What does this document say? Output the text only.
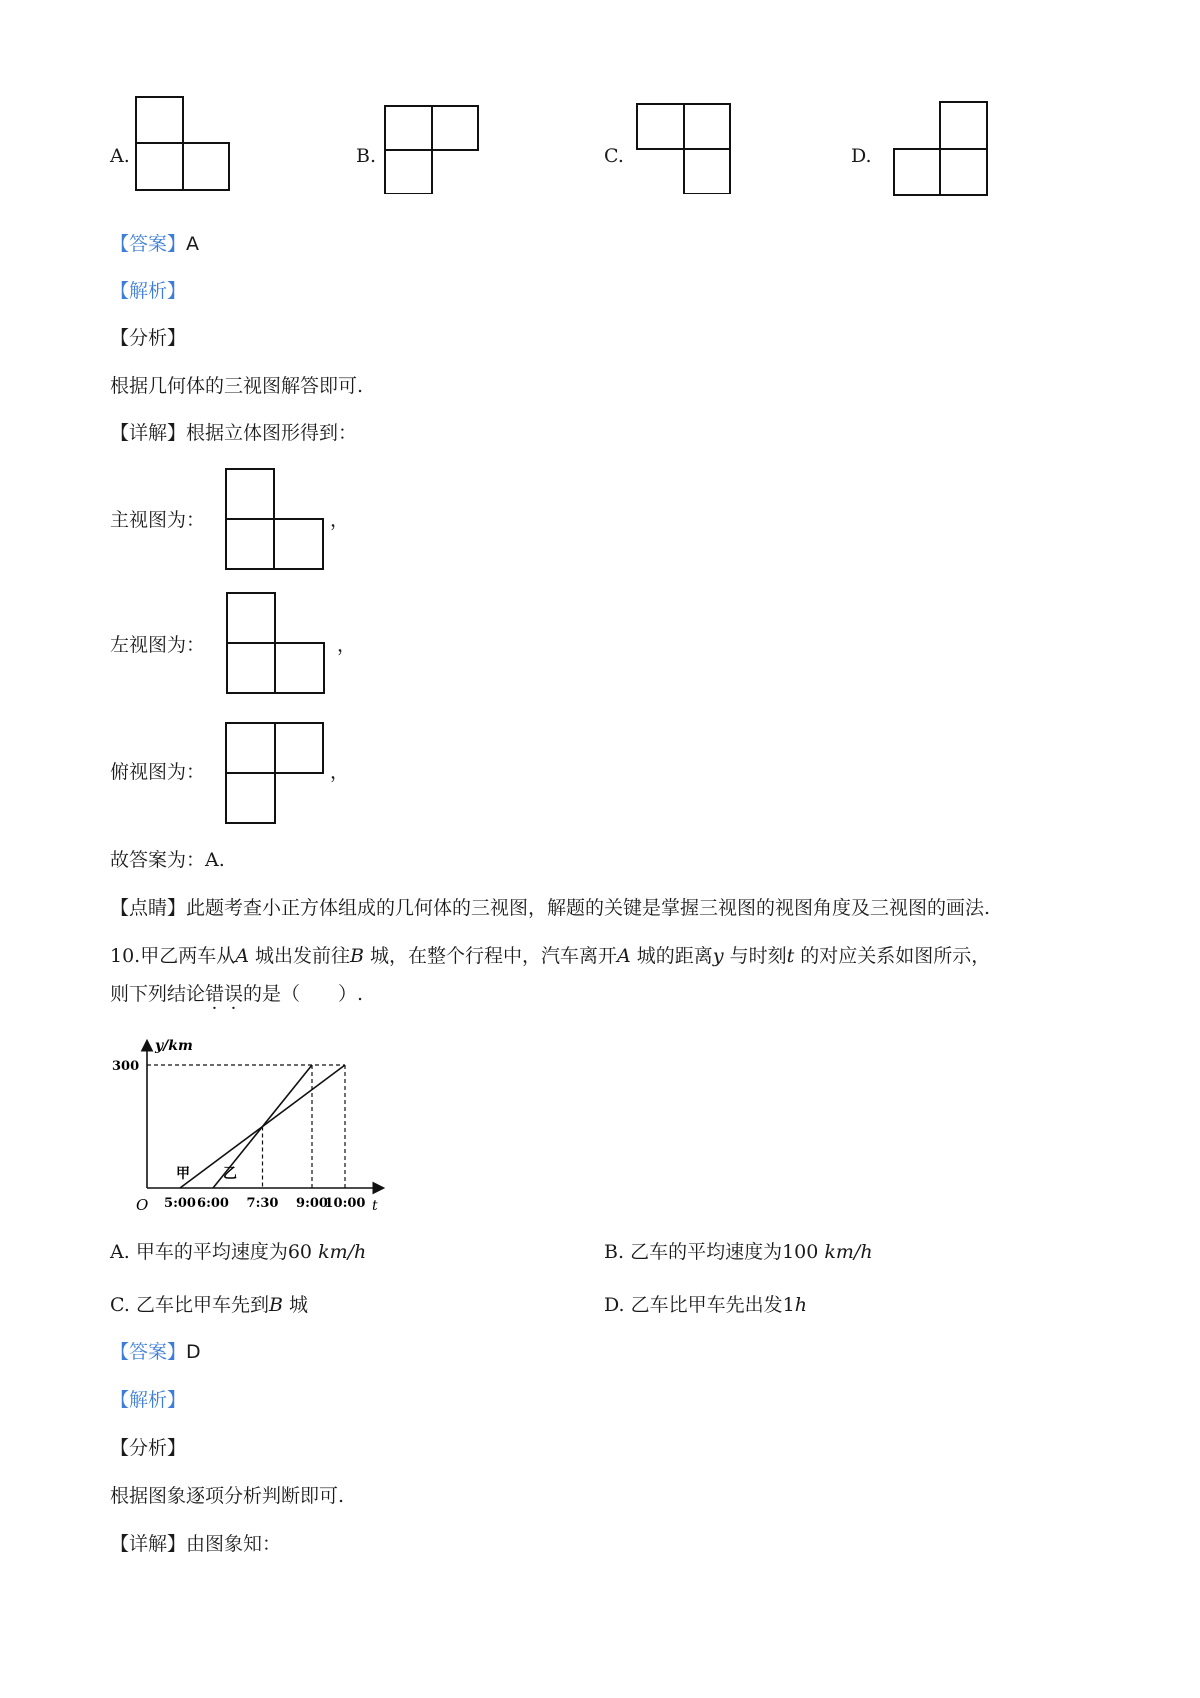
A.	B.	C.	D.
【答案】A
【解析】
【分析】
根据几何体的三视图解答即可.
【详解】根据立体图形得到：
主视图为：	，
左视图为：	，
俯视图为：	，
故答案为：A.
【点睛】此题考查小正方体组成的几何体的三视图，解题的关键是掌握三视图的视图角度及三视图的画法.
10.甲乙两车从A 城出发前往B 城，在整个行程中，汽车离开A 城的距离y 与时刻t 的对应关系如图所示，
则下列结论错误的是（　　）.
y/km
t
O
甲 乙
300
5:00 6:00 7:30 9:00
10:00
A. 甲车的平均速度为60 km/h	B. 乙车的平均速度为100 km/h
C. 乙车比甲车先到B 城	D. 乙车比甲车先出发1h
【答案】D
【解析】
【分析】
根据图象逐项分析判断即可.
【详解】由图象知：
